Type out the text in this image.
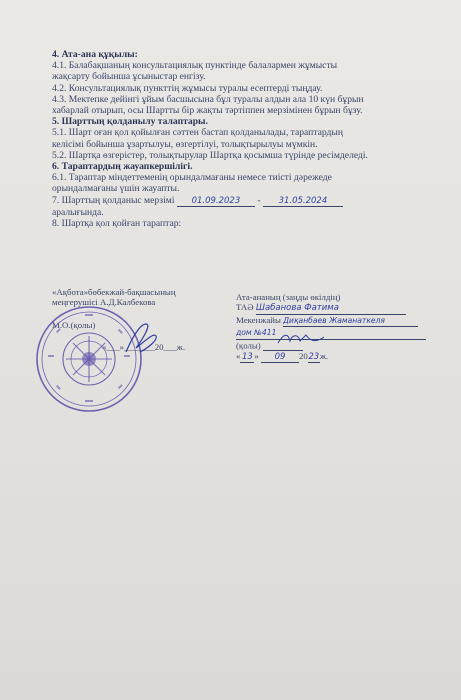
4. Ата-ана құқылы:
4.1. Балабақшаның консультациялық пунктінде балалармен жұмысты
жақсарту бойынша ұсыныстар енгізу.
4.2. Консультациялық пункттің жұмысы туралы есептерді тыңдау.
4.3. Мектепке дейінгі ұйым басшысына бұл туралы алдын ала 10 күн бұрын
хабарлай отырып, осы Шартты бір жақты тәртіппен мерзімінен бұрын бұзу.
5. Шарттың қолданылу талаптары.
5.1. Шарт оған қол қойылған сәттен бастап қолданылады, тараптардың
келісімі бойынша ұзартылуы, өзгертілуі, толықтырылуы мүмкін.
5.2. Шартқа өзгерістер, толықтырулар Шартқа қосымша түрінде ресімделеді.
6. Тараптардың жауапкершілігі.
6.1. Тараптар міндеттеменің орындалмағаны немесе тиісті дәрежеде
орындалмағаны үшін жауапты.
7. Шарттың қолданыс мерзімі 01.09.2023 - 31.05.2024
аралығында.
8. Шартқа қол қойған тараптар:
«Ақбота»бөбекжай-бақшасының
меңгерушісі А.Д.Калбекова
М.О.(қолы)
«___»_______20___ж.
Ата-ананың (заңды өкілдің)
ТАӘ Шабанова Фатима
Мекенжайы Диқанбаев Жаманаткеля
дом №411
(қолы)
« 13 » 09 2023ж.
